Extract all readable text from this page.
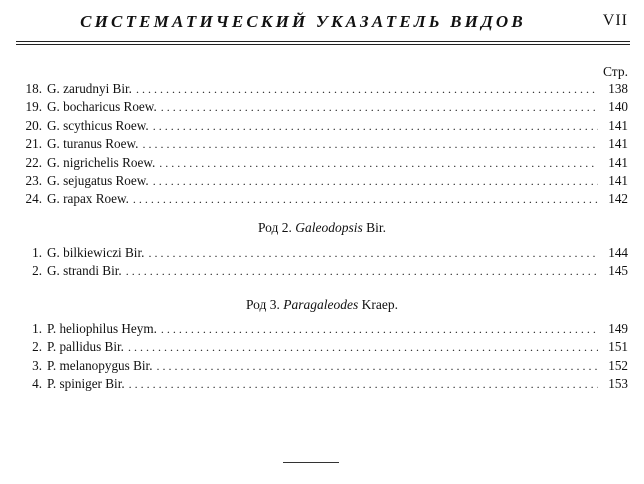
СИСТЕМАТИЧЕСКИЙ УКАЗАТЕЛЬ ВИДОВ	VII
Стр.
18. G. zarudnyi Bir. . . .	138
19. G. bocharicus Roew. . . .	140
20. G. scythicus Roew. . . .	141
21. G. turanus Roew. . . .	141
22. G. nigrichelis Roew. . . .	141
23. G. sejugatus Roew. . . .	141
24. G. rapax Roew. . . .	142
Род 2. Galeodopsis Bir.
1. G. bilkiewiczi Bir. . . .	144
2. G. strandi Bir. . . .	145
Род 3. Paragaleodes Kraep.
1. P. heliophilus Heym. . . .	149
2. P. pallidus Bir. . . .	151
3. P. melanopygus Bir. . . .	152
4. P. spiniger Bir. . . .	153
